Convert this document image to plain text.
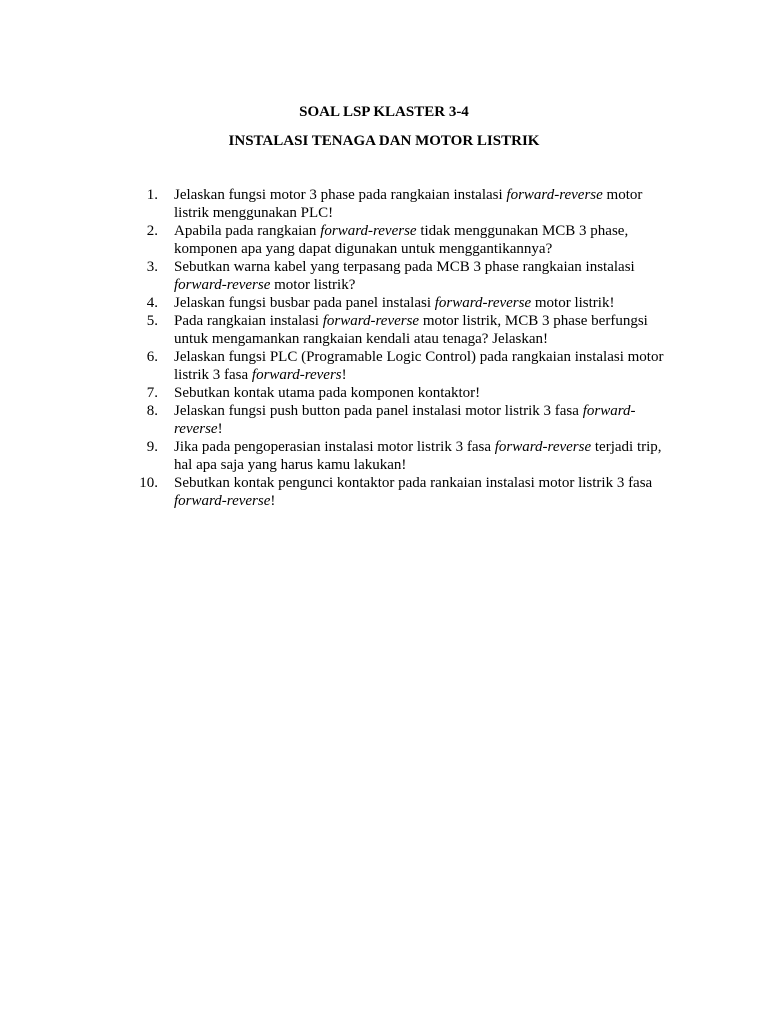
SOAL LSP KLASTER 3-4

INSTALASI TENAGA DAN MOTOR LISTRIK

1. Jelaskan fungsi motor 3 phase pada rangkaian instalasi forward-reverse motor listrik menggunakan PLC!
2. Apabila pada rangkaian forward-reverse tidak menggunakan MCB 3 phase, komponen apa yang dapat digunakan untuk menggantikannya?
3. Sebutkan warna kabel yang terpasang pada MCB 3 phase rangkaian instalasi forward-reverse motor listrik?
4. Jelaskan fungsi busbar pada panel instalasi forward-reverse motor listrik!
5. Pada rangkaian instalasi forward-reverse motor listrik, MCB 3 phase berfungsi untuk mengamankan rangkaian kendali atau tenaga? Jelaskan!
6. Jelaskan fungsi PLC (Programable Logic Control) pada rangkaian instalasi motor listrik 3 fasa forward-revers!
7. Sebutkan kontak utama pada komponen kontaktor!
8. Jelaskan fungsi push button pada panel instalasi motor listrik 3 fasa forward-reverse!
9. Jika pada pengoperasian instalasi motor listrik 3 fasa forward-reverse terjadi trip, hal apa saja yang harus kamu lakukan!
10. Sebutkan kontak pengunci kontaktor pada rankaian instalasi motor listrik 3 fasa forward-reverse!
